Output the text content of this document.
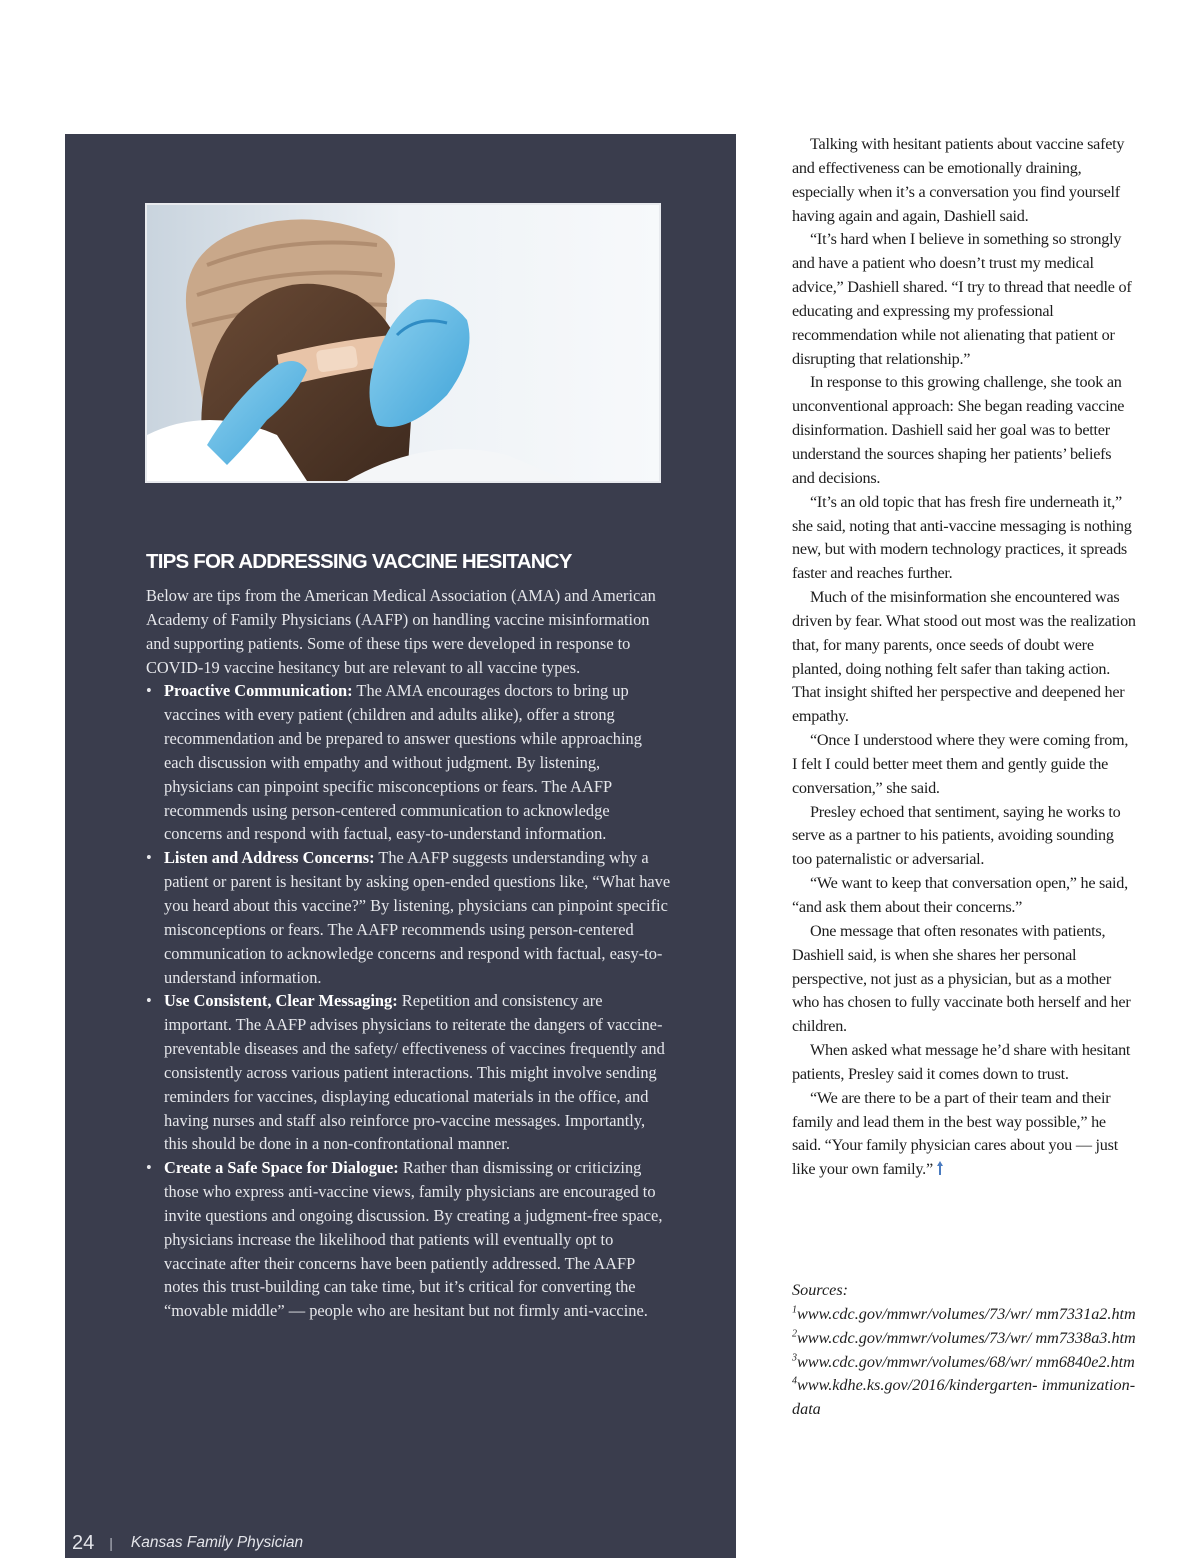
TIPS FOR ADDRESSING VACCINE HESITANCY

Below are tips from the American Medical Association (AMA) and American Academy of Family Physicians (AAFP) on handling vaccine misinformation and supporting patients. Some of these tips were developed in response to COVID-19 vaccine hesitancy but are relevant to all vaccine types.

• Proactive Communication: The AMA encourages doctors to bring up vaccines with every patient (children and adults alike), offer a strong recommendation and be prepared to answer questions while approaching each discussion with empathy and without judgment. By listening, physicians can pinpoint specific misconceptions or fears. The AAFP recommends using person-centered communication to acknowledge concerns and respond with factual, easy-to-understand information.
• Listen and Address Concerns: The AAFP suggests understanding why a patient or parent is hesitant by asking open-ended questions like, “What have you heard about this vaccine?” By listening, physicians can pinpoint specific misconceptions or fears. The AAFP recommends using person-centered communication to acknowledge concerns and respond with factual, easy-to-understand information.
• Use Consistent, Clear Messaging: Repetition and consistency are important. The AAFP advises physicians to reiterate the dangers of vaccine-preventable diseases and the safety/ effectiveness of vaccines frequently and consistently across various patient interactions. This might involve sending reminders for vaccines, displaying educational materials in the office, and having nurses and staff also reinforce pro-vaccine messages. Importantly, this should be done in a non-confrontational manner.
• Create a Safe Space for Dialogue: Rather than dismissing or criticizing those who express anti-vaccine views, family physicians are encouraged to invite questions and ongoing discussion. By creating a judgment-free space, physicians increase the likelihood that patients will eventually opt to vaccinate after their concerns have been patiently addressed. The AAFP notes this trust-building can take time, but it’s critical for converting the “movable middle” — people who are hesitant but not firmly anti-vaccine.
24 | Kansas Family Physician

Talking with hesitant patients about vaccine safety and effectiveness can be emotionally draining, especially when it’s a conversation you find yourself having again and again, Dashiell said.

“It’s hard when I believe in something so strongly and have a patient who doesn’t trust my medical advice,” Dashiell shared. “I try to thread that needle of educating and expressing my professional recommendation while not alienating that patient or disrupting that relationship.”

In response to this growing challenge, she took an unconventional approach: She began reading vaccine disinformation. Dashiell said her goal was to better understand the sources shaping her patients’ beliefs and decisions.

“It’s an old topic that has fresh fire underneath it,” she said, noting that anti-vaccine messaging is nothing new, but with modern technology practices, it spreads faster and reaches further.

Much of the misinformation she encountered was driven by fear. What stood out most was the realization that, for many parents, once seeds of doubt were planted, doing nothing felt safer than taking action. That insight shifted her perspective and deepened her empathy.

“Once I understood where they were coming from, I felt I could better meet them and gently guide the conversation,” she said.

Presley echoed that sentiment, saying he works to serve as a partner to his patients, avoiding sounding too paternalistic or adversarial.

“We want to keep that conversation open,” he said, “and ask them about their concerns.”

One message that often resonates with patients, Dashiell said, is when she shares her personal perspective, not just as a physician, but as a mother who has chosen to fully vaccinate both herself and her children.

When asked what message he’d share with hesitant patients, Presley said it comes down to trust.

“We are there to be a part of their team and their family and lead them in the best way possible,” he said. “Your family physician cares about you — just like your own family.”

Sources:
$^1$www.cdc.gov/mmwr/volumes/73/wr/ mm7331a2.htm
$^2$www.cdc.gov/mmwr/volumes/73/wr/ mm7338a3.htm
$^3$www.cdc.gov/mmwr/volumes/68/wr/ mm6840e2.htm
$^4$www.kdhe.ks.gov/2016/kindergarten- immunization-data
